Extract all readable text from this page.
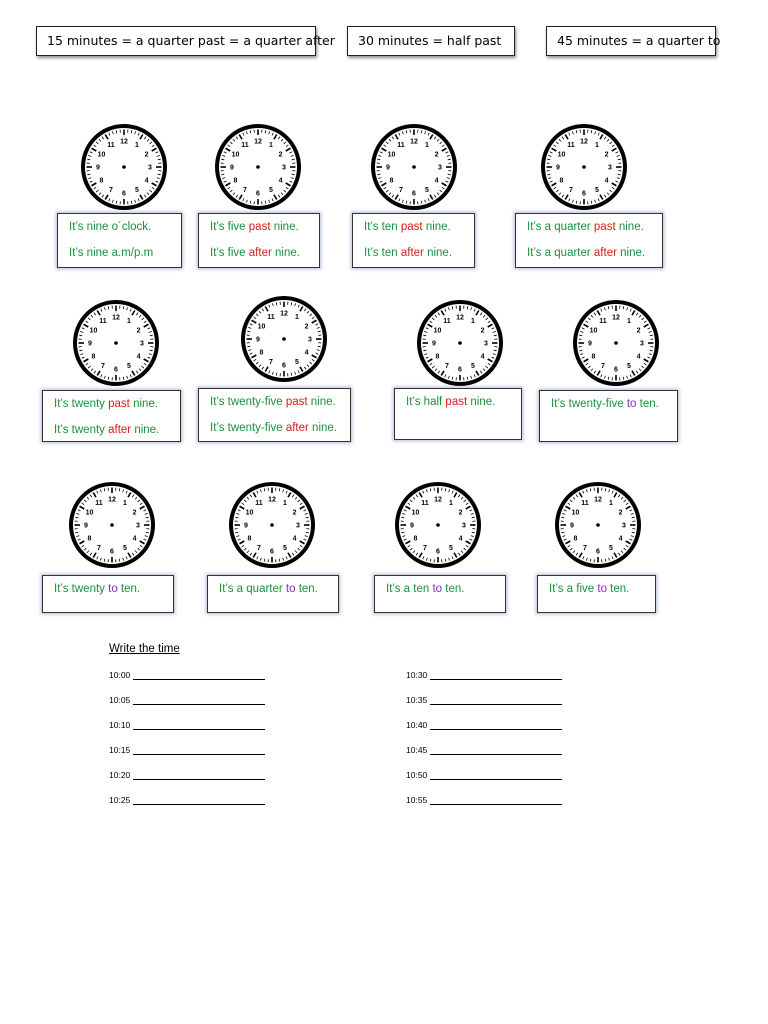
15 minutes = a quarter past = a quarter after	30 minutes = half past	45 minutes = a quarter to
12 1
2
3
4
5
6
7
8
9
10
11	12 1
2
3
4
5
6
7
8
9
10
11	12 1
2
3
4
5
6
7
8
9
10
11	12 1
2
3
4
5
6
7
8
9
10
11
12 1
2
3
4
5
6
7
8
9
10
11
12 1
2
3
4
5
6
7
8
9
10
11	12 1
2
3
4
5
6
7
8
9
10
11	12 1
2
3
4
5
6
7
8
9
10
11
12 1
2
3
4
5
6
7
8
9
10
11	12 1
2
3
4
5
6
7
8
9
10
11	12 1
2
3
4
5
6
7
8
9
10
11	12 1
2
3
4
5
6
7
8
9
10
11
It’s nine o´clock.
It’s nine a.m/p.m
It’s five past nine.
It’s five after nine.
It’s ten past nine.
It’s ten after nine.
It’s a quarter past nine.
It’s a quarter after nine.
It’s twenty past nine.
It’s twenty after nine.
It’s twenty-five past nine.
It’s twenty-five after nine.
It’s half past nine.	It’s twenty-five to ten.
It’s twenty to ten.	It’s a quarter to ten.	It’s a ten to ten.	It’s a five to ten.
Write the time
10:00
10:05
10:10
10:15
10:20
10:25
10:30
10:35
10:40
10:45
10:50
10:55
